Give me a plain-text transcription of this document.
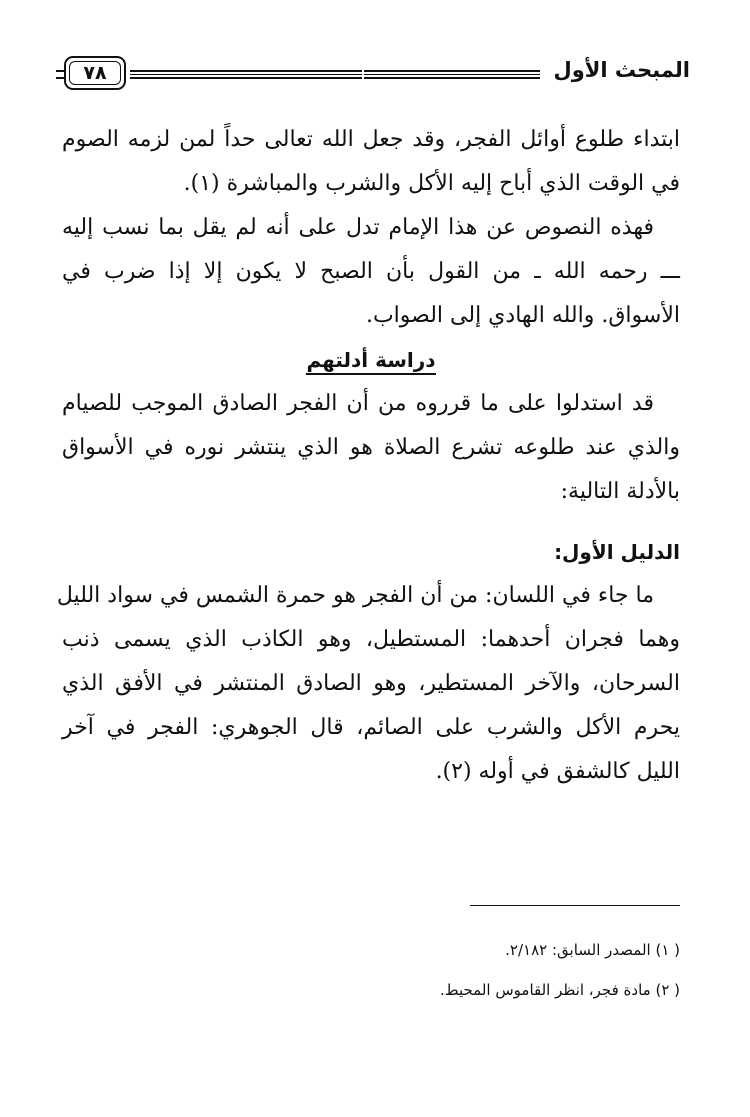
المبحث الأول
٧٨
ابتداء طلوع أوائل الفجر، وقد جعل الله تعالى حداً لمن لزمه الصوم
في الوقت الذي أباح إليه الأكل والشرب والمباشرة (١).
فهذه النصوص عن هذا الإمام تدل على أنه لم يقل بما نسب إليه
ـــ رحمه الله ـ من القول بأن الصبح لا يكون إلا إذا ضرب في
الأسواق. والله الهادي إلى الصواب.
دراسة أدلتهم
قد استدلوا على ما قرروه من أن الفجر الصادق الموجب للصيام
والذي عند طلوعه تشرع الصلاة هو الذي ينتشر نوره في الأسواق
بالأدلة التالية:
الدليل الأول:
ما جاء في اللسان: من أن الفجر هو حمرة الشمس في سواد الليل
وهما فجران أحدهما: المستطيل، وهو الكاذب الذي يسمى ذنب
السرحان، والآخر المستطير، وهو الصادق المنتشر في الأفق الذي
يحرم الأكل والشرب على الصائم، قال الجوهري: الفجر في آخر
الليل كالشفق في أوله (٢).
( ١) المصدر السابق: ٢/١٨٢.
( ٢) مادة فجر، انظر القاموس المحيط.
